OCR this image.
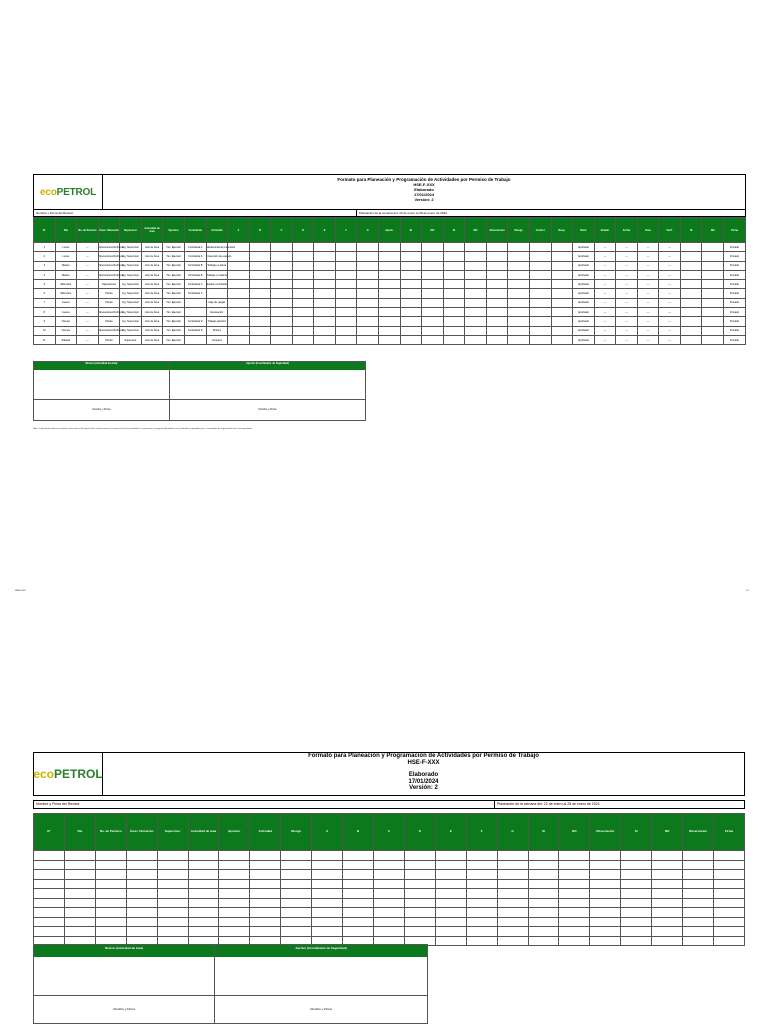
eco PETROL
Formato para Planeación y Programación de Actividades por Permiso de Trabajo
HSE-F-XXX
Elaborado
17/01/2024
Versión: 2
Nombre y Firma del Revisor	Planeación de la semana del: 22 de enero al 28 de enero de 2024
N°	Día	No. de Permiso	Área / Ubicación	Supervisor	Autoridad de área	Ejecutor	Contratista	Actividad	A	B	C	D	E	F	G	Aprob.	SI	NO	SI	NO	Observación	Riesgo	Control	Resp.	Nivel	Estado	Fecha	Hora	Verif.	SI	NO	Firma
1	Lunes	—	Operaciones Refinería	Ing. Supervisor	Jefe de Área	Téc. Ejecutor	Contratista A	Mantenimiento preventivo																	Aprobado	—	—	—	—			Firmado
2	Lunes	—	Operaciones Refinería	Ing. Supervisor	Jefe de Área	Téc. Ejecutor	Contratista A	Inspección de equipos																	Aprobado	—	—	—	—			Firmado
3	Martes	—	Operaciones Refinería	Ing. Supervisor	Jefe de Área	Téc. Ejecutor	Contratista B	Trabajo en altura																	Aprobado	—	—	—	—			Firmado
4	Martes	—	Operaciones Refinería	Ing. Supervisor	Jefe de Área	Téc. Ejecutor	Contratista B	Trabajo en caliente																	Aprobado	—	—	—	—			Firmado
5	Miércoles	—	Operaciones	Ing. Supervisor	Jefe de Área	Téc. Ejecutor	Contratista C	Espacio confinado																	Aprobado	—	—	—	—			Firmado
6	Miércoles	—	Planta	Ing. Supervisor	Jefe de Área	Téc. Ejecutor	Contratista C																		Aprobado	—	—	—	—			Firmado
7	Jueves	—	Planta	Ing. Supervisor	Jefe de Área	Téc. Ejecutor		Izaje de cargas																	Aprobado	—	—	—	—			Firmado
8	Jueves	—	Operaciones Refinería	Ing. Supervisor	Jefe de Área	Téc. Ejecutor		Excavación																	Aprobado	—	—	—	—			Firmado
9	Viernes	—	Planta	Ing. Supervisor	Jefe de Área	Téc. Ejecutor	Contratista D	Trabajo eléctrico																	Aprobado	—	—	—	—			Firmado
10	Viernes	—	Operaciones Refinería	Ing. Supervisor	Jefe de Área	Téc. Ejecutor	Contratista D	Pintura																	Aprobado	—	—	—	—			Firmado
11	Sábado	—	Planta	Supervisor	Jefe de Área	Téc. Ejecutor		Limpieza																	Aprobado	—	—	—	—			Firmado
Revisó (Autoridad de área)
Nombre y Firma
Aprobó (Coordinador de Seguridad)
Nombre y Firma
Nota: La planeación debe ser enviada a más tardar el día jueves de la semana anterior a la ejecución de las actividades. Los permisos no programados deberán ser justificados y aprobados por el coordinador de seguridad del área correspondiente.
HSE-F-XXX	1/1
eco PETROL
Formato para Planeación y Programación de Actividades por Permiso de Trabajo
HSE-F-XXX
Elaborado
17/01/2024
Versión: 2
Nombre y Firma del Revisor	Planeación de la semana del: 22 de enero al 28 de enero de 2024
N°	Día	No. de Permiso	Área / Ubicación	Supervisor	Autoridad de área	Ejecutor	Actividad	Riesgo	A	B	C	D	E	F	G	SI	NO	Observación	SI	NO	Observación	Firma

Revisó (Autoridad de área)
Nombre y Firma
Aprobó (Coordinador de Seguridad)
Nombre y Firma
